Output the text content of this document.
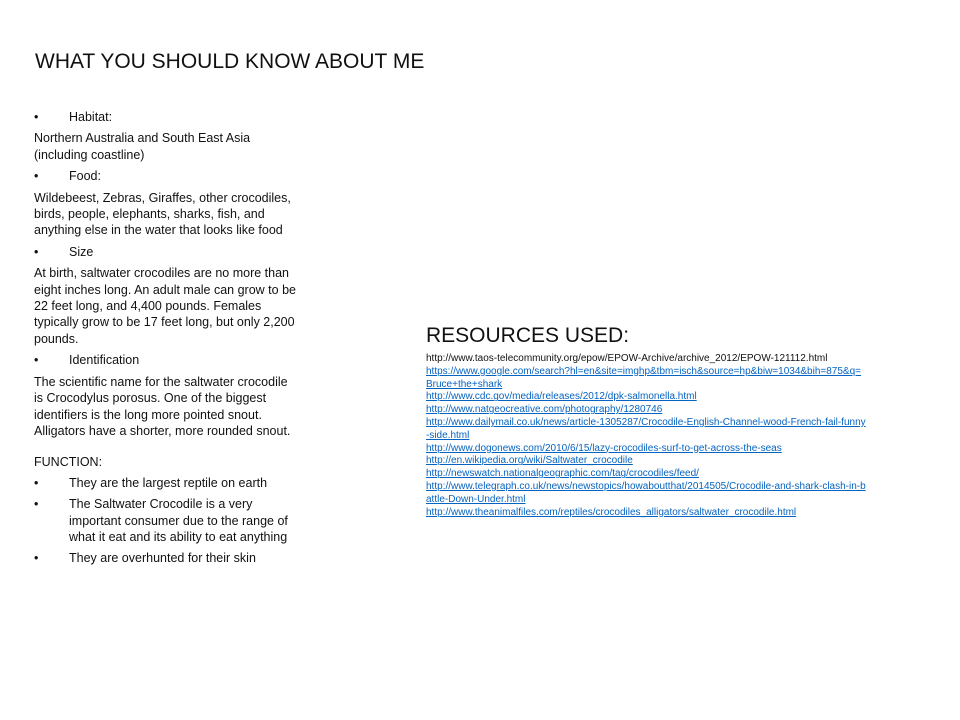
WHAT YOU SHOULD KNOW ABOUT ME
• Habitat:
Northern Australia and South East Asia (including coastline)
• Food:
Wildebeest, Zebras, Giraffes, other crocodiles, birds, people, elephants, sharks, fish, and anything else in the water that looks like food
• Size
At birth, saltwater crocodiles are no more than eight inches long. An adult male can grow to be 22 feet long, and 4,400 pounds. Females typically grow to be 17 feet long, but only 2,200 pounds.
• Identification
The scientific name for the saltwater crocodile is Crocodylus porosus. One of the biggest identifiers is the long more pointed snout. Alligators have a shorter, more rounded snout.
FUNCTION:
• They are the largest reptile on earth
• The Saltwater Crocodile is a very important consumer due to the range of what it eat and its ability to eat anything
• They are overhunted for their skin
RESOURCES USED:
http://www.taos-telecommunity.org/epow/EPOW-Archive/archive_2012/EPOW-121112.html
https://www.google.com/search?hl=en&site=imghp&tbm=isch&source=hp&biw=1034&bih=875&q=Bruce+the+shark
http://www.cdc.gov/media/releases/2012/dpk-salmonella.html
http://www.natgeocreative.com/photography/1280746
http://www.dailymail.co.uk/news/article-1305287/Crocodile-English-Channel-wood-French-fail-funny-side.html
http://www.dogonews.com/2010/6/15/lazy-crocodiles-surf-to-get-across-the-seas
http://en.wikipedia.org/wiki/Saltwater_crocodile
http://newswatch.nationalgeographic.com/tag/crocodiles/feed/
http://www.telegraph.co.uk/news/newstopics/howaboutthat/2014505/Crocodile-and-shark-clash-in-battle-Down-Under.html
http://www.theanimalfiles.com/reptiles/crocodiles_alligators/saltwater_crocodile.html
